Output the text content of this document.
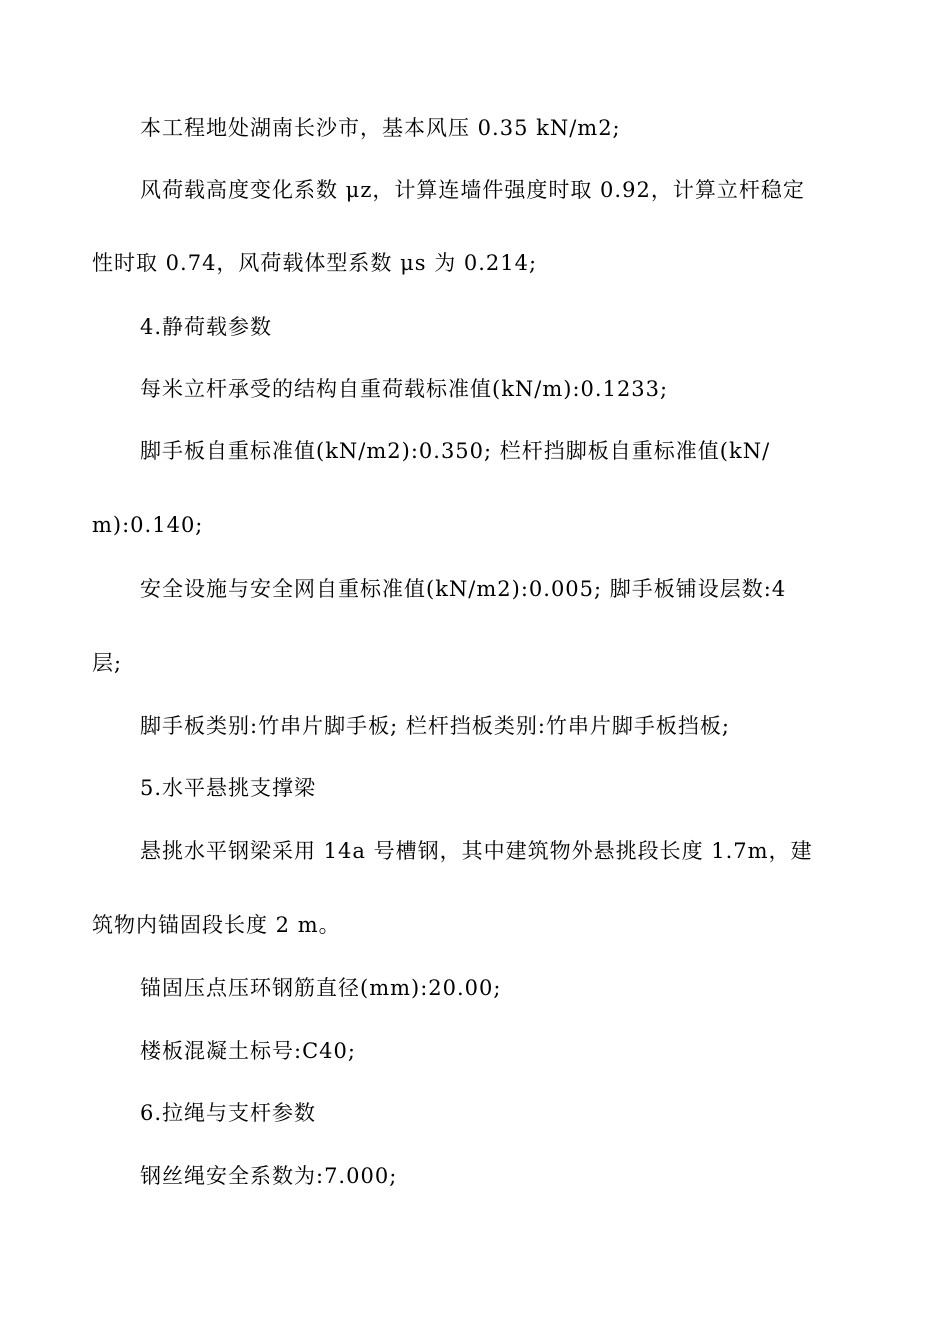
本工程地处湖南长沙市，基本风压 0.35 kN/m2;
风荷载高度变化系数 μz，计算连墙件强度时取 0.92，计算立杆稳定
性时取 0.74，风荷载体型系数 μs 为 0.214;
4.静荷载参数
每米立杆承受的结构自重荷载标准值(kN/m):0.1233;
脚手板自重标准值(kN/m2):0.350; 栏杆挡脚板自重标准值(kN/
m):0.140;
安全设施与安全网自重标准值(kN/m2):0.005; 脚手板铺设层数:4
层;
脚手板类别:竹串片脚手板; 栏杆挡板类别:竹串片脚手板挡板;
5.水平悬挑支撑梁
悬挑水平钢梁采用 14a 号槽钢，其中建筑物外悬挑段长度 1.7m，建
筑物内锚固段长度 2 m。
锚固压点压环钢筋直径(mm):20.00;
楼板混凝土标号:C40;
6.拉绳与支杆参数
钢丝绳安全系数为:7.000;
